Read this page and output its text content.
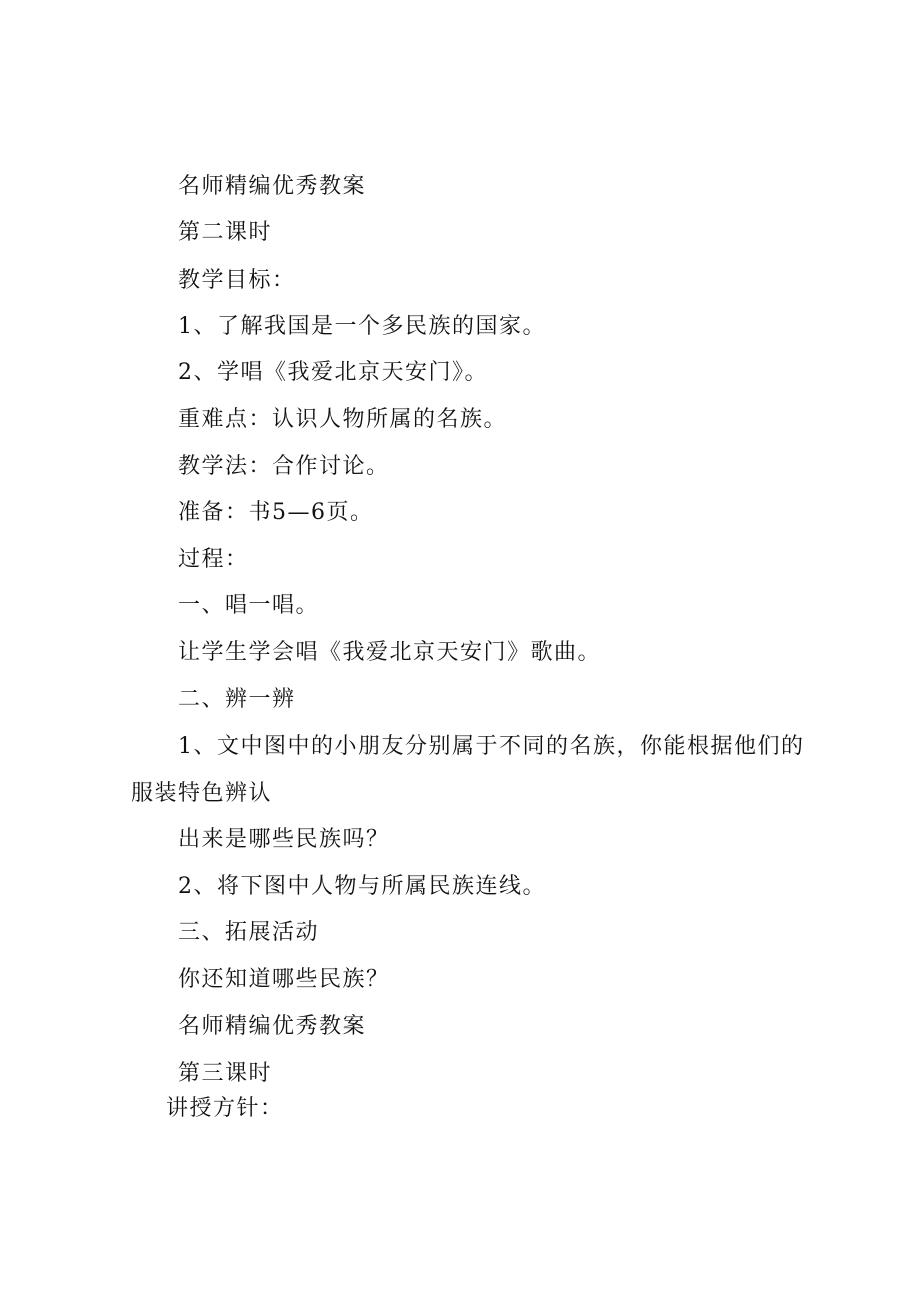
名师精编优秀教案
第二课时
教学目标：
1、了解我国是一个多民族的国家。
2、学唱《我爱北京天安门》。
重难点：认识人物所属的名族。
教学法：合作讨论。
准备：书5—6页。
过程：
一、唱一唱。
让学生学会唱《我爱北京天安门》歌曲。
二、辨一辨
1、文中图中的小朋友分别属于不同的名族，你能根据他们的
服装特色辨认
出来是哪些民族吗？
2、将下图中人物与所属民族连线。
三、拓展活动
你还知道哪些民族？
名师精编优秀教案
第三课时
讲授方针：
